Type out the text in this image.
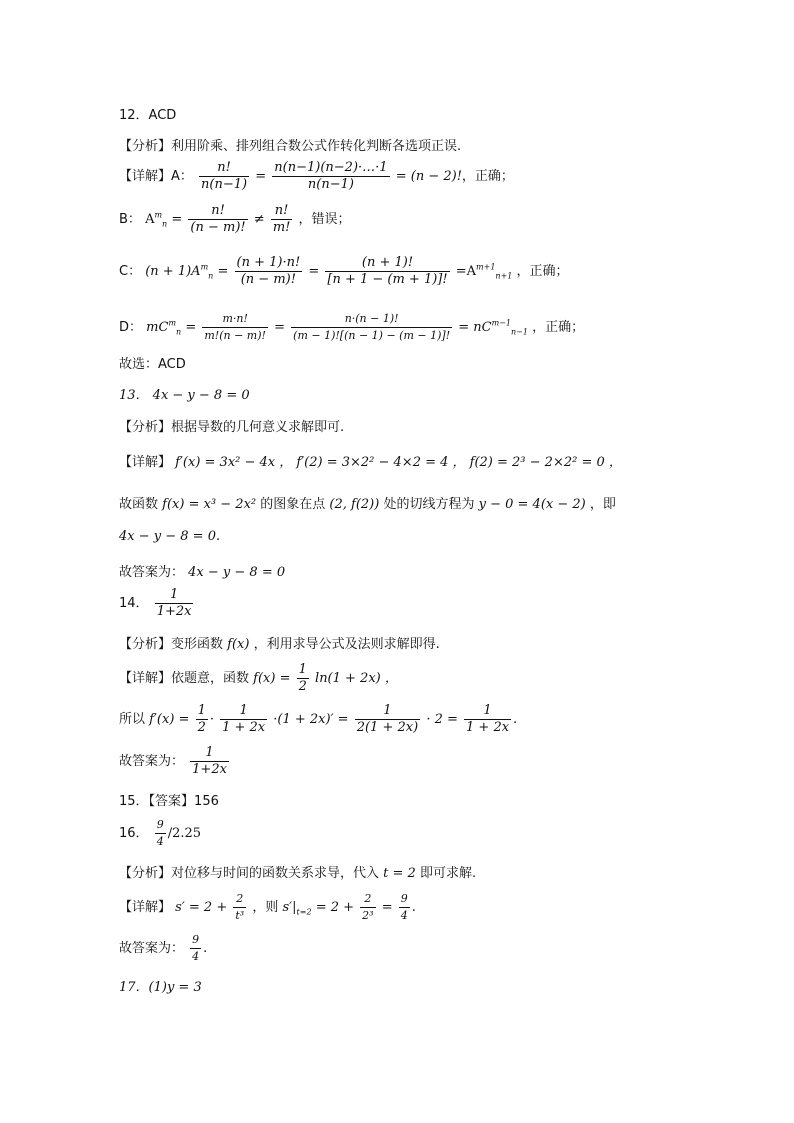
12．ACD
【分析】利用阶乘、排列组合数公式作转化判断各选项正误.
【详解】A： $\frac{n!}{n(n-1)} = \frac{n(n-1)(n-2)\cdot\dots\cdot 1}{n(n-1)} = (n - 2)$!，正确；
B： $A^m_n = \frac{n!}{(n - m)!} \ne \frac{n!}{m!}$ ，错误；
C： $(n + 1)A^m_n = \frac{(n + 1)\cdot n!}{(n - m)!} = \frac{(n + 1)!}{[n + 1 - (m + 1)]!} =A^{m+1}_{n+1}$ ，正确；
D： $mC^m_n = \frac{m\cdot n!}{m!(n - m)!} = \frac{n\cdot(n - 1)!}{(m - 1)![(n - 1) - (m - 1)]!} = nC^{m-1}_{n-1}$ ，正确；
故选：ACD
13． 4x − y − 8 = 0
【分析】根据导数的几何意义求解即可.
【详解】 f′(x) = 3x² − 4x ， f′(2) = 3×2² − 4×2 = 4 ， f(2) = 2³ − 2×2² = 0 ，
故函数 f(x) = x³ − 2x² 的图象在点 (2, f(2)) 处的切线方程为 y − 0 = 4(x − 2) ，即
4x − y − 8 = 0.
故答案为： 4x − y − 8 = 0
14． $\frac{1}{1+2x}$
【分析】变形函数 f(x) ，利用求导公式及法则求解即得.
【详解】依题意，函数 $f(x) = \frac{1}{2} \ln(1 + 2x)$ ，
所以 $f'(x) = \frac{1}{2} \cdot \frac{1}{1 + 2x} \cdot(1 + 2x)' = \frac{1}{2(1 + 2x)} \cdot 2 = \frac{1}{1 + 2x}$ .
故答案为： $\frac{1}{1+2x}$
15．【答案】156
16． $\frac{9}{4} /2.25$
【分析】对位移与时间的函数关系求导，代入 t = 2 即可求解.
【详解】 $s' = 2 + \frac{2}{\text{t³}}$ ，则 $s'|_{t=2} = 2 + \frac{2}{\text{2³}} = \frac{9}{4}$ .
故答案为： $\frac{9}{4}$ .
17．(1)y = 3
